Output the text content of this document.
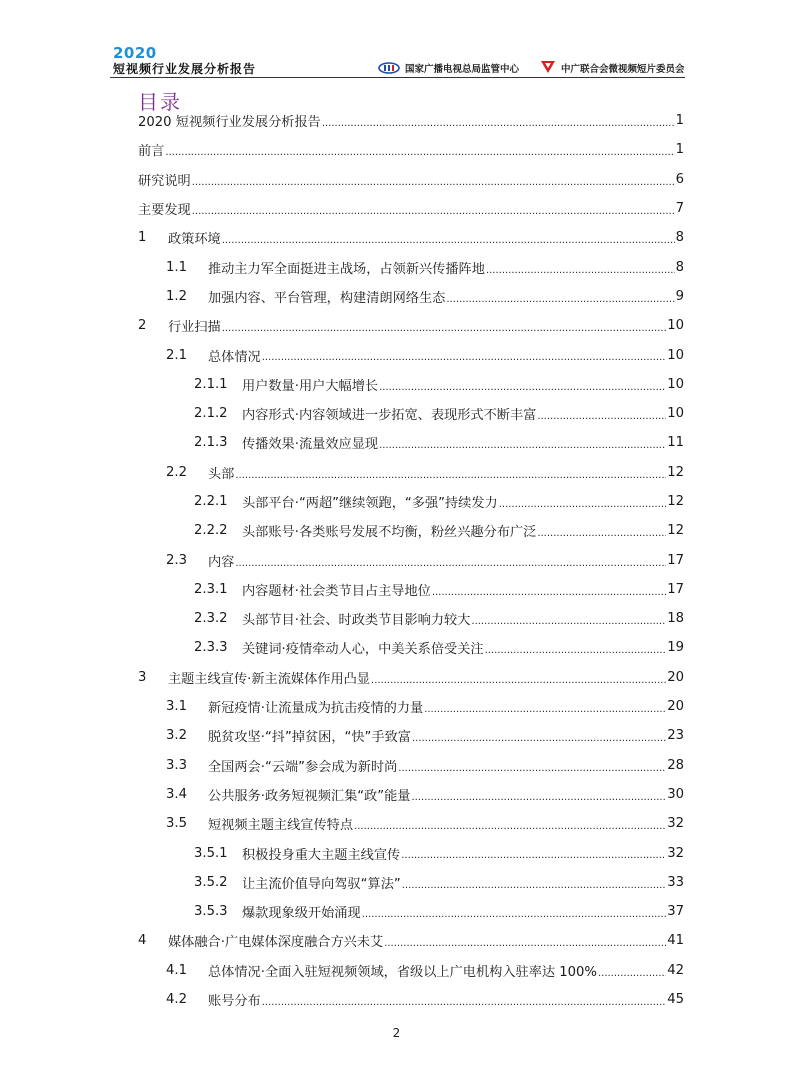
2020
短视频行业发展分析报告	国家广播电视总局监管中心	中广联合会微视频短片委员会
目录
2020 短视频行业发展分析报告 .....	1
前言 .....	1
研究说明 .....	6
主要发现 .....	7
1	政策环境 .....	8
1.1	推动主力军全面挺进主战场，占领新兴传播阵地 .....	8
1.2	加强内容、平台管理，构建清朗网络生态 .....	9
2	行业扫描 .....	10
2.1	总体情况 .....	10
2.1.1	用户数量·用户大幅增长 .....	10
2.1.2	内容形式·内容领域进一步拓宽、表现形式不断丰富 .....	10
2.1.3	传播效果·流量效应显现 .....	11
2.2	头部 .....	12
2.2.1	头部平台·“两超”继续领跑，“多强”持续发力 .....	12
2.2.2	头部账号·各类账号发展不均衡，粉丝兴趣分布广泛 .....	12
2.3	内容 .....	17
2.3.1	内容题材·社会类节目占主导地位 .....	17
2.3.2	头部节目·社会、时政类节目影响力较大 .....	18
2.3.3	关键词·疫情牵动人心，中美关系倍受关注 .....	19
3	主题主线宣传·新主流媒体作用凸显 .....	20
3.1	新冠疫情·让流量成为抗击疫情的力量 .....	20
3.2	脱贫攻坚·“抖”掉贫困，“快”手致富 .....	23
3.3	全国两会·“云端”参会成为新时尚 .....	28
3.4	公共服务·政务短视频汇集“政”能量 .....	30
3.5	短视频主题主线宣传特点 .....	32
3.5.1	积极投身重大主题主线宣传 .....	32
3.5.2	让主流价值导向驾驭“算法” .....	33
3.5.3	爆款现象级开始涌现 .....	37
4	媒体融合·广电媒体深度融合方兴未艾 .....	41
4.1	总体情况·全面入驻短视频领域，省级以上广电机构入驻率达 100% .....	42
4.2	账号分布 .....	45
2
